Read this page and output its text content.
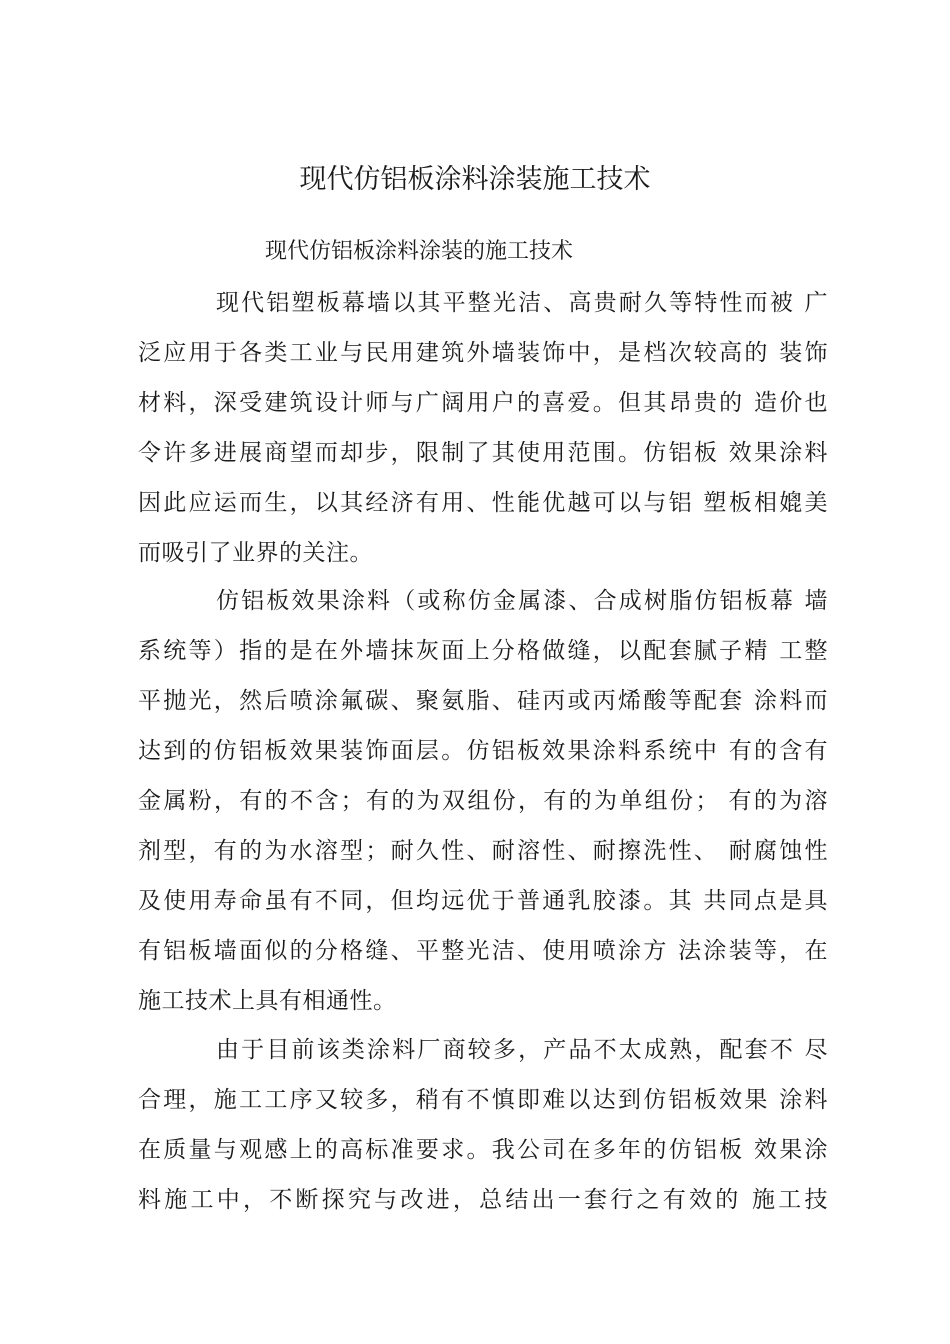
现代仿铝板涂料涂装施工技术
现代仿铝板涂料涂装的施工技术
现代铝塑板幕墙以其平整光洁、高贵耐久等特性而被 广
泛应用于各类工业与民用建筑外墙装饰中，是档次较高的 装饰
材料，深受建筑设计师与广阔用户的喜爱。但其昂贵的 造价也
令许多进展商望而却步，限制了其使用范围。仿铝板 效果涂料
因此应运而生，以其经济有用、性能优越可以与铝 塑板相媲美
而吸引了业界的关注。
仿铝板效果涂料（或称仿金属漆、合成树脂仿铝板幕 墙
系统等）指的是在外墙抹灰面上分格做缝，以配套腻子精 工整
平抛光，然后喷涂氟碳、聚氨脂、硅丙或丙烯酸等配套 涂料而
达到的仿铝板效果装饰面层。仿铝板效果涂料系统中 有的含有
金属粉，有的不含；有的为双组份，有的为单组份； 有的为溶
剂型，有的为水溶型；耐久性、耐溶性、耐擦洗性、 耐腐蚀性
及使用寿命虽有不同，但均远优于普通乳胶漆。其 共同点是具
有铝板墙面似的分格缝、平整光洁、使用喷涂方 法涂装等，在
施工技术上具有相通性。
由于目前该类涂料厂商较多，产品不太成熟，配套不 尽
合理，施工工序又较多，稍有不慎即难以达到仿铝板效果 涂料
在质量与观感上的高标准要求。我公司在多年的仿铝板 效果涂
料施工中，不断探究与改进，总结出一套行之有效的 施工技
